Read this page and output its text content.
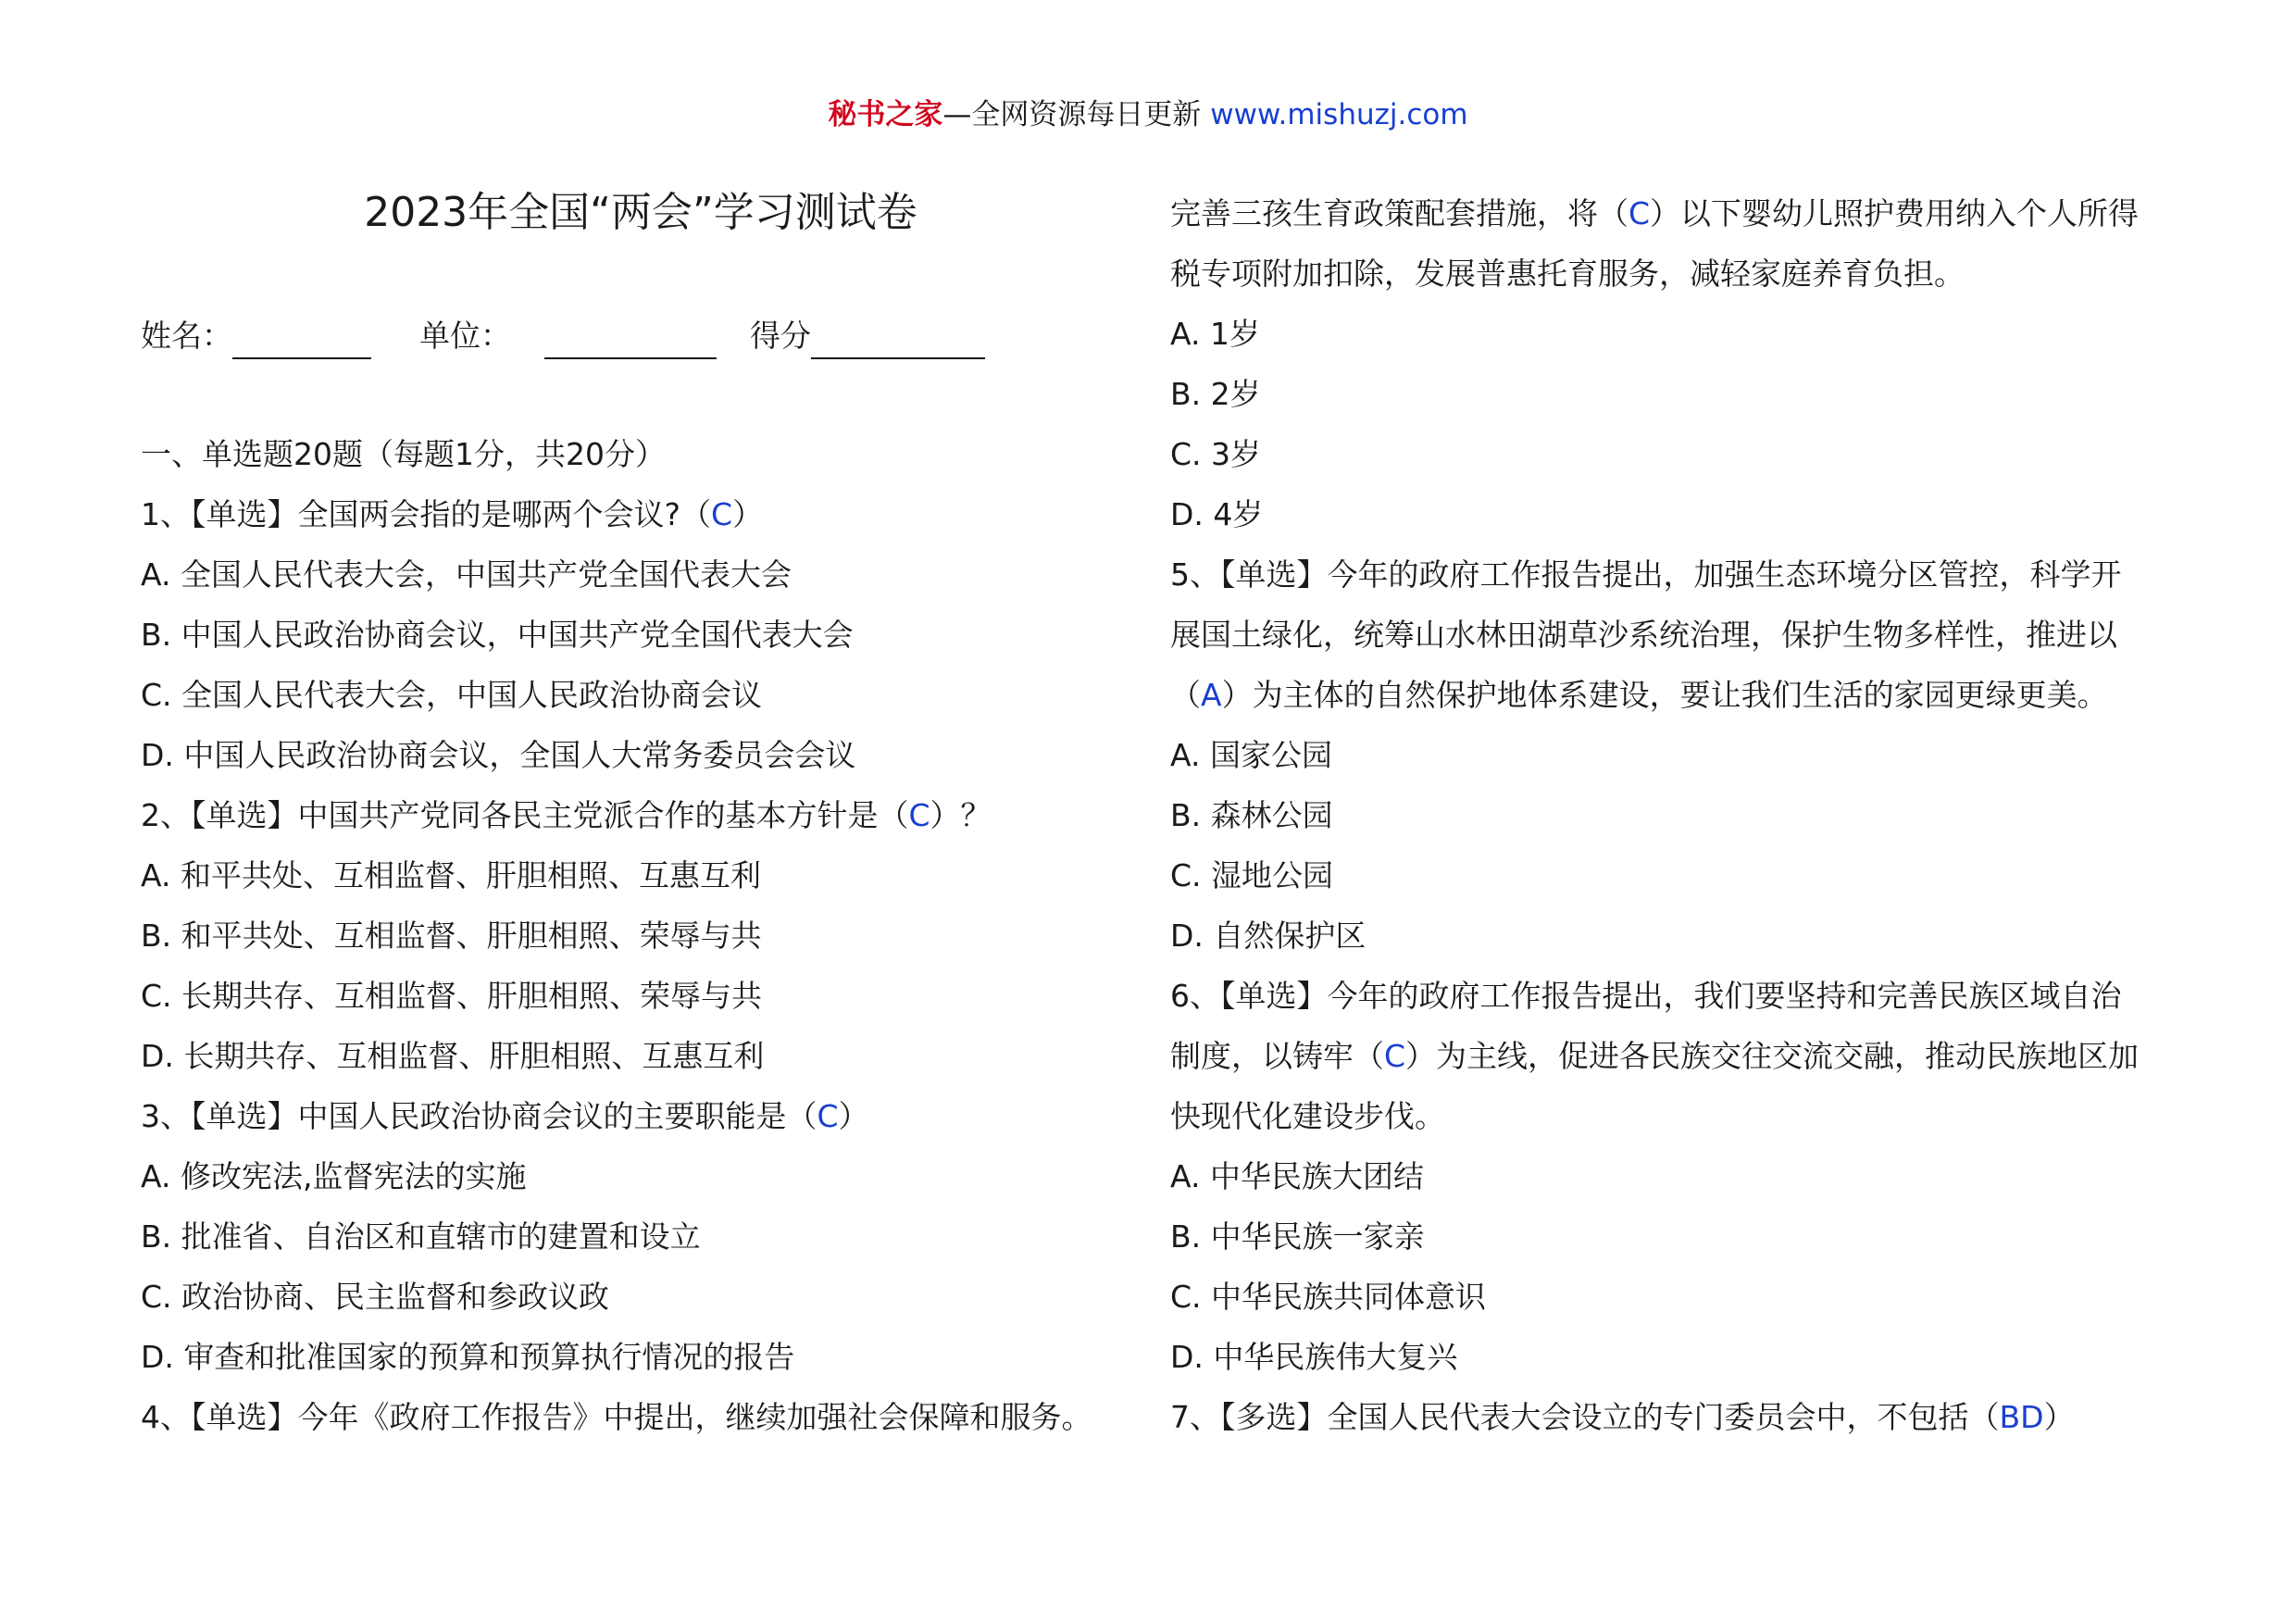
秘书之家—全网资源每日更新 www.mishuzj.com
2023年全国“两会”学习测试卷
姓名：	单位：	得分
一、单选题20题（每题1分，共20分）
1、【单选】全国两会指的是哪两个会议?（C）
A. 全国人民代表大会，中国共产党全国代表大会
B. 中国人民政治协商会议，中国共产党全国代表大会
C. 全国人民代表大会，中国人民政治协商会议
D. 中国人民政治协商会议，全国人大常务委员会会议
2、【单选】中国共产党同各民主党派合作的基本方针是（C）？
A. 和平共处、互相监督、肝胆相照、互惠互利
B. 和平共处、互相监督、肝胆相照、荣辱与共
C. 长期共存、互相监督、肝胆相照、荣辱与共
D. 长期共存、互相监督、肝胆相照、互惠互利
3、【单选】中国人民政治协商会议的主要职能是（C）
A. 修改宪法,监督宪法的实施
B. 批准省、自治区和直辖市的建置和设立
C. 政治协商、民主监督和参政议政
D. 审查和批准国家的预算和预算执行情况的报告
4、【单选】今年《政府工作报告》中提出，继续加强社会保障和服务。
完善三孩生育政策配套措施，将（C）以下婴幼儿照护费用纳入个人所得
税专项附加扣除，发展普惠托育服务，减轻家庭养育负担。
A. 1岁
B. 2岁
C. 3岁
D. 4岁
5、【单选】今年的政府工作报告提出，加强生态环境分区管控，科学开
展国土绿化，统筹山水林田湖草沙系统治理，保护生物多样性，推进以
（A）为主体的自然保护地体系建设，要让我们生活的家园更绿更美。
A. 国家公园
B. 森林公园
C. 湿地公园
D. 自然保护区
6、【单选】今年的政府工作报告提出，我们要坚持和完善民族区域自治
制度，以铸牢（C）为主线，促进各民族交往交流交融，推动民族地区加
快现代化建设步伐。
A. 中华民族大团结
B. 中华民族一家亲
C. 中华民族共同体意识
D. 中华民族伟大复兴
7、【多选】全国人民代表大会设立的专门委员会中，不包括（BD）
